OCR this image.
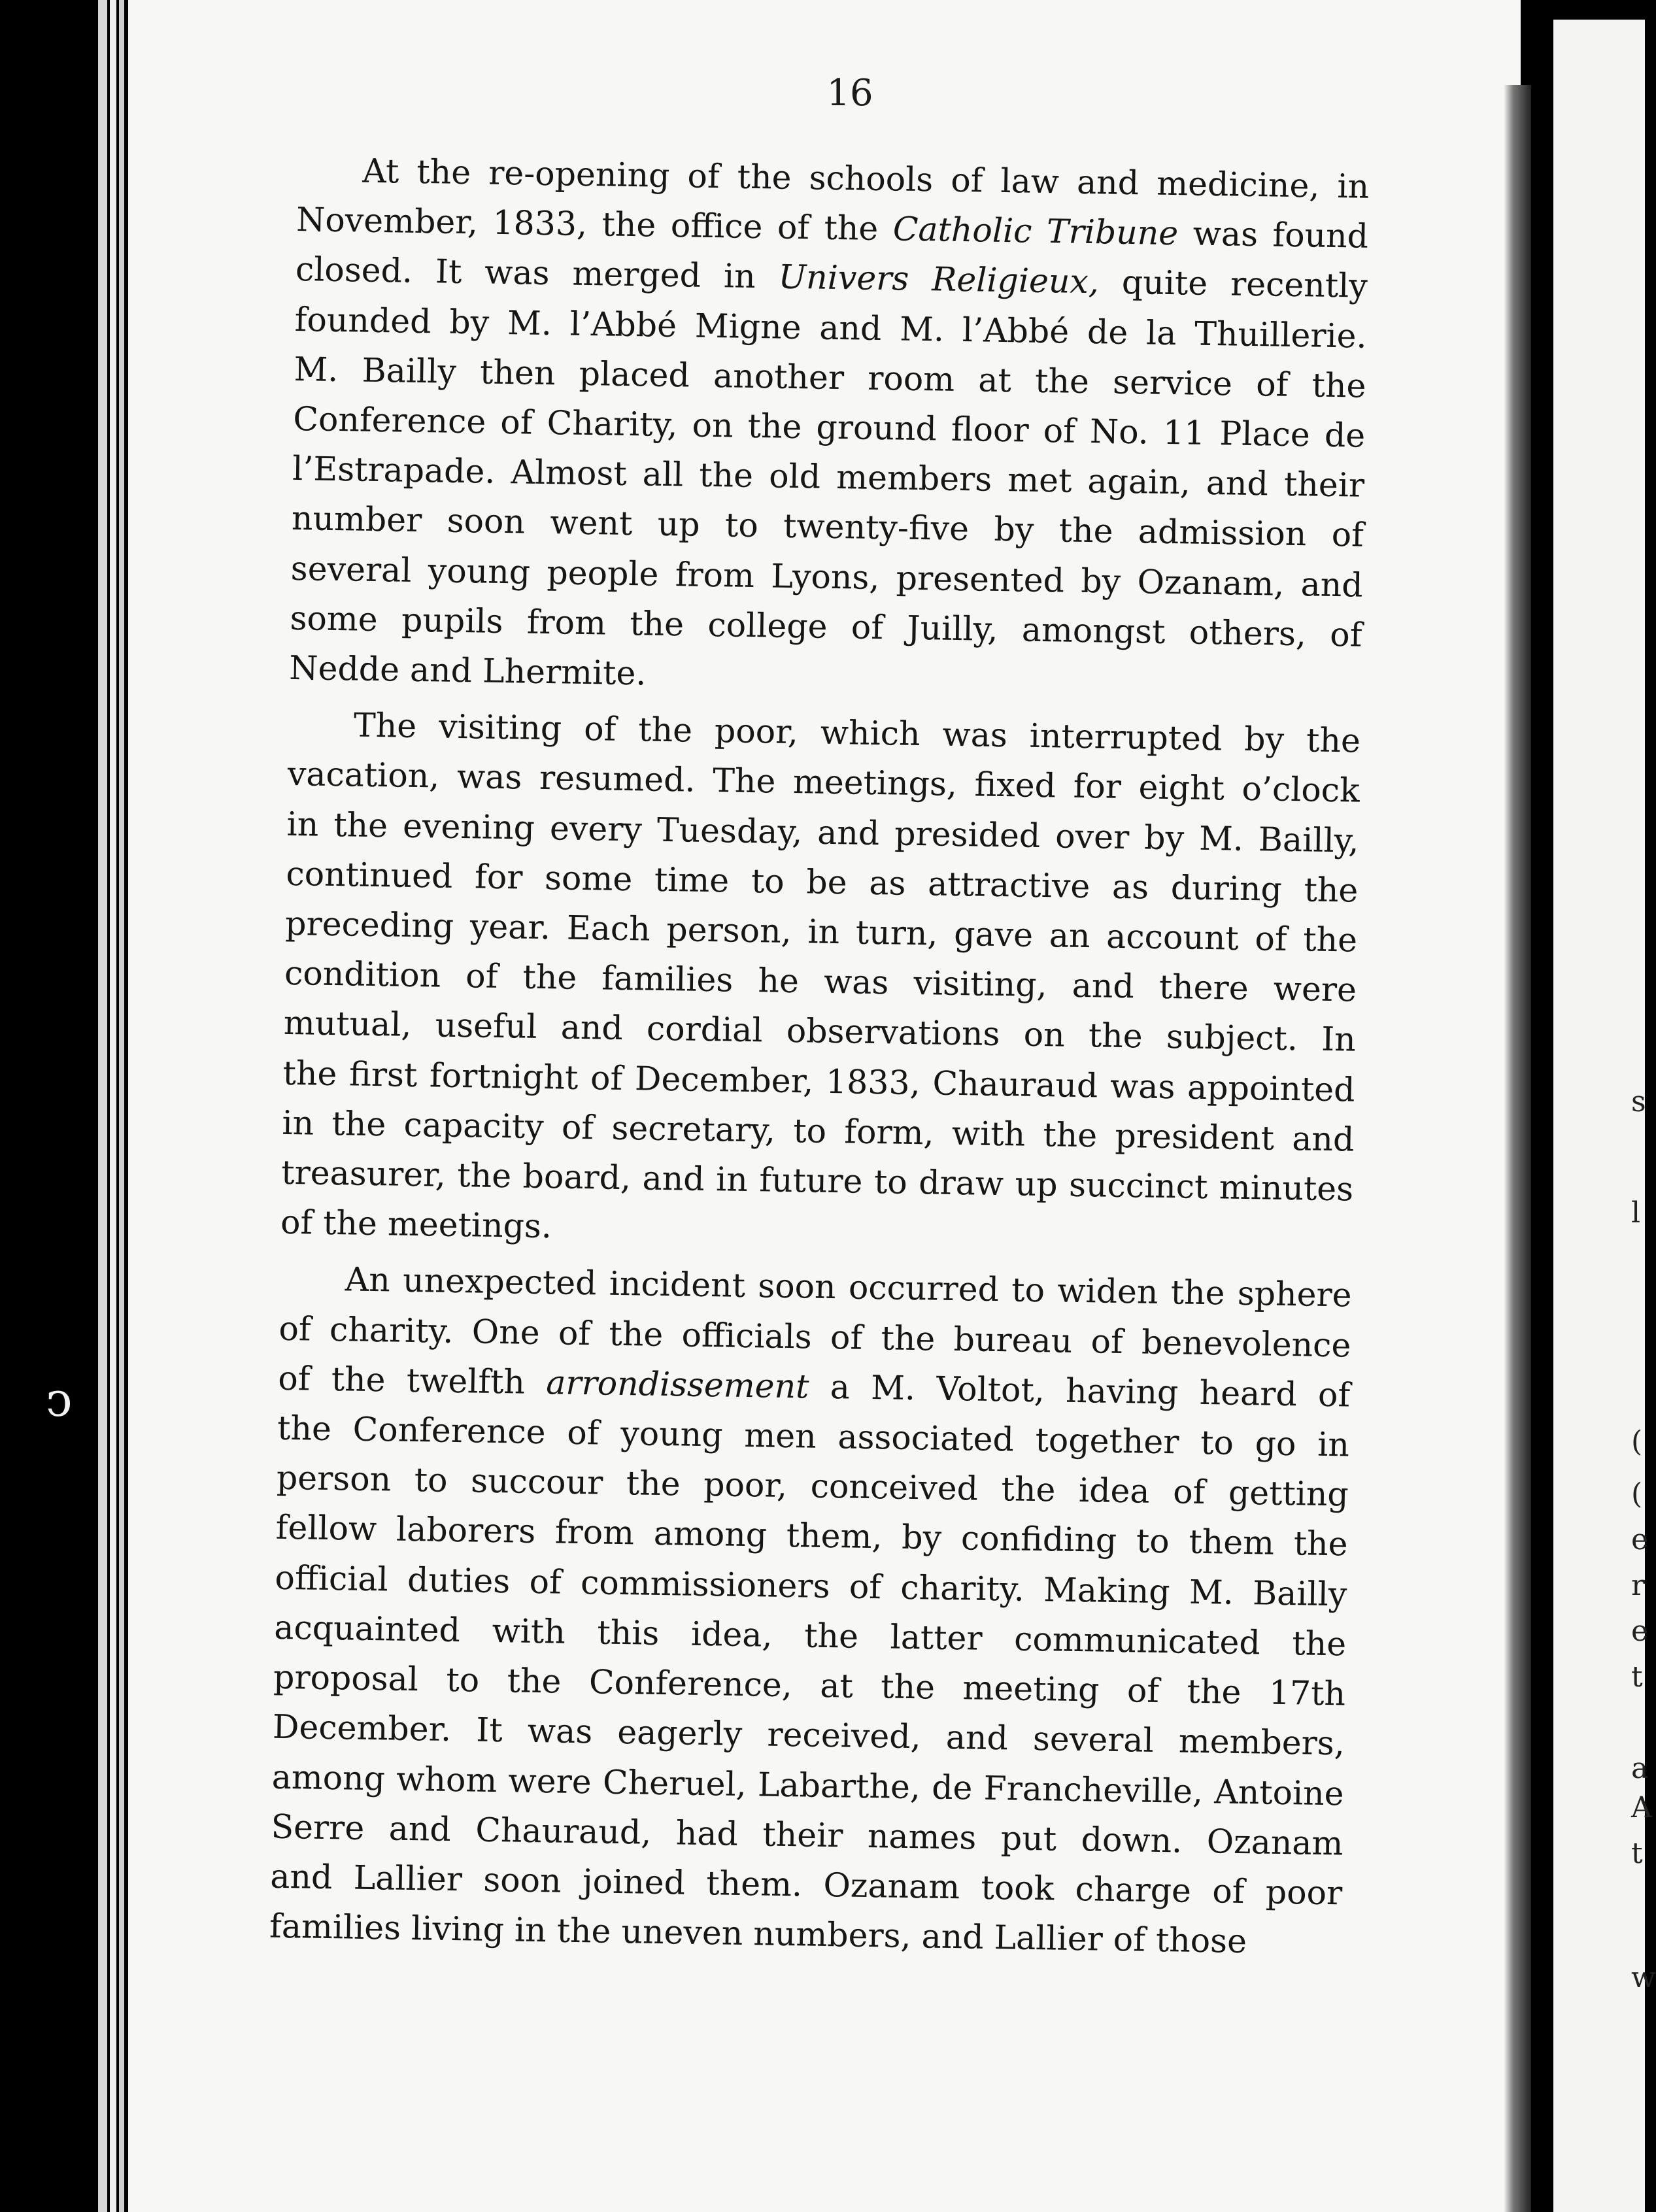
s
l
(
(
e
r
e
t
a
A
t
w
ↄ
16

At the re-opening of the schools of law and medicine, in
November, 1833, the office of the Catholic Tribune was found
closed. It was merged in Univers Religieux, quite recently
founded by M. l’Abbé Migne and M. l’Abbé de la Thuillerie.
M. Bailly then placed another room at the service of the
Conference of Charity, on the ground floor of No. 11 Place de
l’Estrapade. Almost all the old members met again, and their
number soon went up to twenty-five by the admission of
several young people from Lyons, presented by Ozanam, and
some pupils from the college of Juilly, amongst others, of
Nedde and Lhermite.

The visiting of the poor, which was interrupted by the
vacation, was resumed. The meetings, fixed for eight o’clock
in the evening every Tuesday, and presided over by M. Bailly,
continued for some time to be as attractive as during the
preceding year. Each person, in turn, gave an account of the
condition of the families he was visiting, and there were
mutual, useful and cordial observations on the subject. In
the first fortnight of December, 1833, Chauraud was appointed
in the capacity of secretary, to form, with the president and
treasurer, the board, and in future to draw up succinct minutes
of the meetings.

An unexpected incident soon occurred to widen the sphere
of charity. One of the officials of the bureau of benevolence
of the twelfth arrondissement a M. Voltot, having heard of
the Conference of young men associated together to go in
person to succour the poor, conceived the idea of getting
fellow laborers from among them, by confiding to them the
official duties of commissioners of charity. Making M. Bailly
acquainted with this idea, the latter communicated the
proposal to the Conference, at the meeting of the 17th
December. It was eagerly received, and several members,
among whom were Cheruel, Labarthe, de Francheville, Antoine
Serre and Chauraud, had their names put down. Ozanam
and Lallier soon joined them. Ozanam took charge of poor
families living in the uneven numbers, and Lallier of those
